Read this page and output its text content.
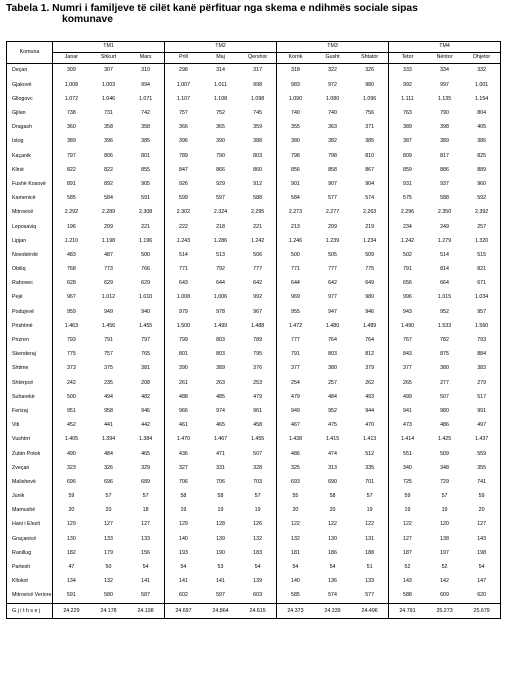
Tabela 1. Numri i familjeve të cilët kanë përfituar nga skema e ndihmës sociale sipas
komunave
Komuna	TM1			TM2			TM3			TM4		
	Janar	Shkurt	Mars	Prill	Maj	Qershor	Korrik	Gusht	Shtator	Tetor	Nëntor	Dhjetor
Deçan	309	307	310	298	314	317	318	322	326	333	334	332
Gjakovë	1.008	1.003	994	1.007	1.011	998	983	972	980	992	997	1.001
Gllogovc	1.072	1.046	1.071	1.107	1.108	1.098	1.090	1.080	1.096	1.111	1.135	1.154
Gjilan	738	731	742	757	752	745	740	740	756	763	790	804
Dragash	360	358	358	366	365	359	355	363	371	389	398	405
Istog	389	396	385	396	390	388	380	382	385	387	389	386
Kaçanik	797	806	801	789	790	803	798	798	810	809	817	825
Klinë	822	822	855	847	866	860	856	858	867	859	886	889
Fushë Kosovë	891	892	905	926	929	912	901	907	904	931	937	960
Kamenicë	585	584	591	599	597	588	584	577	574	575	588	592
Mitrovicë	2.292	2.289	2.308	2.302	2.324	2.295	2.273	2.277	2.263	2.296	2.350	2.392
Leposaviq	196	209	221	222	218	221	213	209	219	234	249	257
Lipjan	1.210	1.198	1.196	1.243	1.286	1.242	1.246	1.239	1.234	1.242	1.279	1.320
Novobërdë	483	487	500	514	513	506	500	505	509	502	514	515
Obiliq	768	773	766	771	792	777	771	777	775	791	814	821
Rahovec	628	629	629	643	644	642	644	642	649	656	664	671
Pejë	967	1.012	1.010	1.008	1.006	992	969	977	980	996	1.015	1.034
Podujevë	959	949	940	979	978	967	955	947	946	943	952	957
Prishtinë	1.463	1.456	1.455	1.500	1.499	1.488	1.472	1.480	1.489	1.490	1.533	1.560
Prizren	793	791	797	799	803	789	777	764	764	767	782	793
Skenderaj	775	757	765	801	803	795	791	803	812	843	875	884
Shtime	373	375	381	390	389	376	377	380	379	377	380	383
Shtërpcë	242	235	208	261	263	253	254	257	262	265	277	279
Suharekë	500	494	482	488	485	479	479	484	493	499	507	517
Ferizaj	951	958	946	966	974	961	949	952	944	941	980	991
Viti	452	441	442	461	465	458	467	475	470	473	486	497
Vushtrri	1.405	1.394	1.384	1.470	1.467	1.455	1.438	1.415	1.413	1.414	1.425	1.437
Zubin Potok	490	484	465	436	471	507	486	474	512	551	509	559
Zveçan	323	326	329	327	331	328	325	313	335	340	348	355
Malishevë	696	696	689	706	706	703	693	690	701	725	729	741
Junik	59	57	57	58	58	57	55	58	57	59	57	59
Mamushë	20	20	18	19	19	19	20	20	19	19	19	20
Hani i Elezit	129	127	127	129	128	126	122	122	122	122	120	127
Graçanicë	130	133	133	140	139	132	132	130	131	127	138	143
Ranillug	182	179	156	193	190	183	181	186	188	187	197	198
Partesh	47	50	54	54	53	54	54	54	51	52	52	54
Kllokot	134	132	141	141	141	139	140	136	133	143	142	147
Mitrovicë Veriore	591	580	587	602	597	603	585	574	577	588	609	620
Gjithsej	24.229	24.178	24.198	24.697	24.864	24.615	24.373	24.339	24.496	24.791	25.273	25.679
